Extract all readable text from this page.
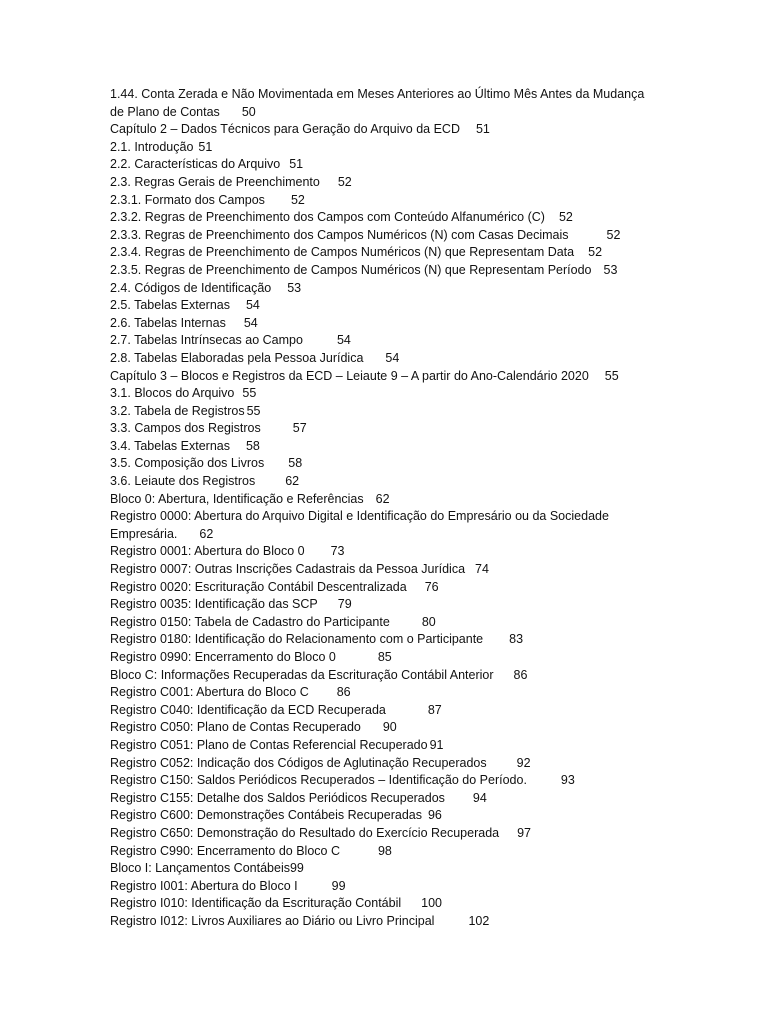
1.44. Conta Zerada e Não Movimentada em Meses Anteriores ao Último Mês Antes da Mudança de Plano de Contas 50
Capítulo 2 – Dados Técnicos para Geração do Arquivo da ECD 51
2.1. Introdução 51
2.2. Características do Arquivo 51
2.3. Regras Gerais de Preenchimento 52
2.3.1. Formato dos Campos 52
2.3.2. Regras de Preenchimento dos Campos com Conteúdo Alfanumérico (C) 52
2.3.3. Regras de Preenchimento dos Campos Numéricos (N) com Casas Decimais	52
2.3.4. Regras de Preenchimento de Campos Numéricos (N) que Representam Data 52
2.3.5. Regras de Preenchimento de Campos Numéricos (N) que Representam Período 53
2.4. Códigos de Identificação 53
2.5. Tabelas Externas 54
2.6. Tabelas Internas 54
2.7. Tabelas Intrínsecas ao Campo	54
2.8. Tabelas Elaboradas pela Pessoa Jurídica 54
Capítulo 3 – Blocos e Registros da ECD – Leiaute 9 – A partir do Ano-Calendário 2020 55
3.1. Blocos do Arquivo 55
3.2. Tabela de Registros 55
3.3. Campos dos Registros	57
3.4. Tabelas Externas 58
3.5. Composição dos Livros 58
3.6. Leiaute dos Registros 62
Bloco 0: Abertura, Identificação e Referências 62
Registro 0000: Abertura do Arquivo Digital e Identificação do Empresário ou da Sociedade Empresária. 62
Registro 0001: Abertura do Bloco 0 73
Registro 0007: Outras Inscrições Cadastrais da Pessoa Jurídica 74
Registro 0020: Escrituração Contábil Descentralizada 76
Registro 0035: Identificação das SCP 79
Registro 0150: Tabela de Cadastro do Participante	80
Registro 0180: Identificação do Relacionamento com o Participante 83
Registro 0990: Encerramento do Bloco 0	85
Bloco C: Informações Recuperadas da Escrituração Contábil Anterior 86
Registro C001: Abertura do Bloco C 86
Registro C040: Identificação da ECD Recuperada	87
Registro C050: Plano de Contas Recuperado 90
Registro C051: Plano de Contas Referencial Recuperado 91
Registro C052: Indicação dos Códigos de Aglutinação Recuperados 92
Registro C150: Saldos Periódicos Recuperados – Identificação do Período.	93
Registro C155: Detalhe dos Saldos Periódicos Recuperados 94
Registro C600: Demonstrações Contábeis Recuperadas 96
Registro C650: Demonstração do Resultado do Exercício Recuperada 97
Registro C990: Encerramento do Bloco C	98
Bloco I: Lançamentos Contábeis99
Registro I001: Abertura do Bloco I	99
Registro I010: Identificação da Escrituração Contábil 100
Registro I012: Livros Auxiliares ao Diário ou Livro Principal	102
